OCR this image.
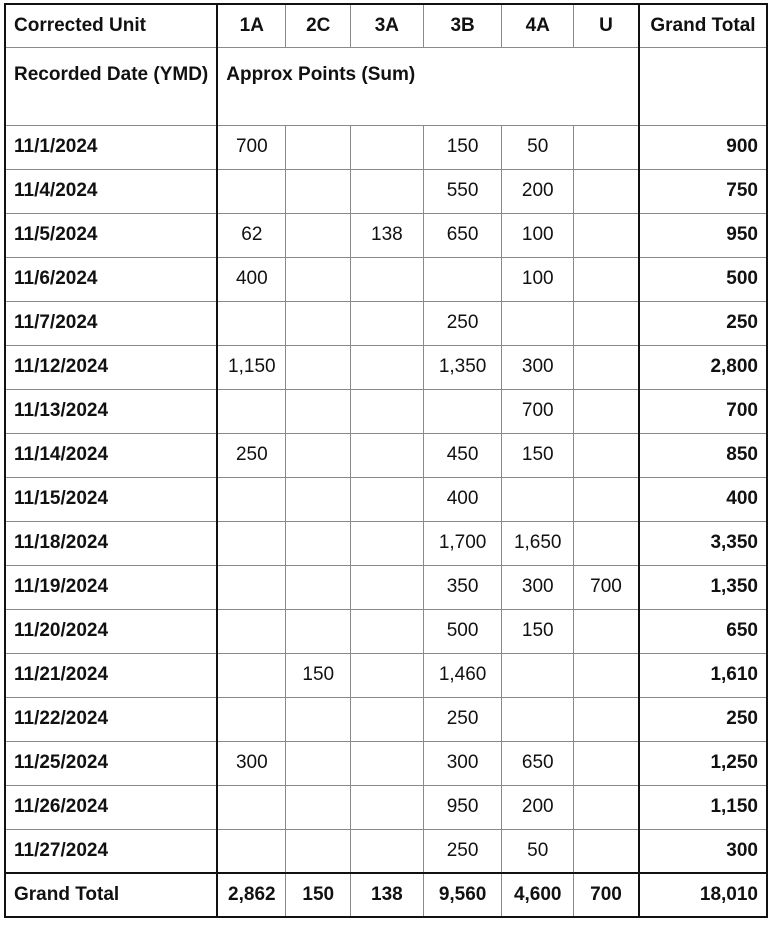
Corrected Unit	1A	2C	3A	3B	4A	U	Grand Total
Recorded Date (YMD)	Approx Points (Sum)						
11/1/2024	700			150	50		900
11/4/2024				550	200		750
11/5/2024	62		138	650	100		950
11/6/2024	400				100		500
11/7/2024				250			250
11/12/2024	1,150			1,350	300		2,800
11/13/2024					700		700
11/14/2024	250			450	150		850
11/15/2024				400			400
11/18/2024				1,700	1,650		3,350
11/19/2024				350	300	700	1,350
11/20/2024				500	150		650
11/21/2024		150		1,460			1,610
11/22/2024				250			250
11/25/2024	300			300	650		1,250
11/26/2024				950	200		1,150
11/27/2024				250	50		300
Grand Total	2,862	150	138	9,560	4,600	700	18,010
